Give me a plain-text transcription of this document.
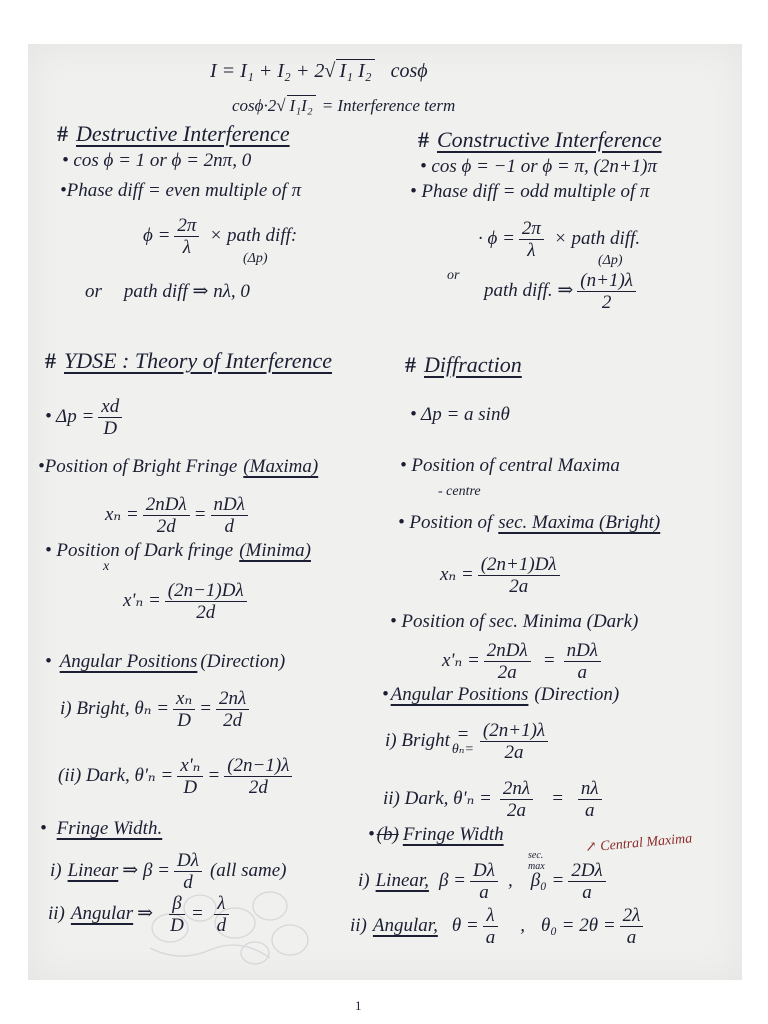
I = I₁ + I₂ + 2√ I₁ I₂ cosϕ
cosϕ·2√ I₁I₂ = Interference term
# Destructive Interference
• cos ϕ = 1 or ϕ = 2nπ, 0
•Phase diff = even multiple of π
$\phi = \frac{2\pi}{\lambda}$ × path diff:
(Δp)
or path diff ⇒ nλ, 0
# Constructive Interference
• cos ϕ = −1 or ϕ = π, (2n+1)π
• Phase diff = odd multiple of π
· $\phi = \frac{2\pi}{\lambda}$ × path diff.
(Δp)
or
path diff. ⇒ $\frac{(n+1)\lambda}{2}$
# YDSE : Theory of Interference
• $\Delta p = \frac{xd}{D}$
•Position of Bright Fringe (Maxima)
$x_n = \frac{\text{2nDλ}}{2d} = \frac{\text{nDλ}}{d}$
• Position of Dark fringe (Minima)
x
$x'_n = \frac{(2n-1)D\lambda}{2d}$
• Angular Positions (Direction)
i) Bright, $\theta_n = \frac{\text{xₙ}}{D} = \frac{2n\lambda}{2d}$
(ii) Dark, $\theta'_n = \frac{\text{x'ₙ}}{D} = \frac{(2n-1)\lambda}{2d}$
• Fringe Width.
i) Linear ⇒ $\beta = \frac{D\lambda}{d} (all$ same)
ii) Angular ⇒ $\frac{\beta}{D} = \frac{\lambda}{d}$
# Diffraction
• Δp = a sinθ
• Position of central Maxima
- centre
• Position of sec. Maxima (Bright)
$x_n = \frac{(2n+1)D\lambda}{2a}$
• Position of sec. Minima (Dark)
$x'_n = \frac{\text{2nDλ}}{2a} = \frac{\text{nDλ}}{a}$
• Angular Positions (Direction)
i) Bright =
$\theta_n= \frac{(2n+1)\lambda}{2a}$
ii) Dark, $\theta'_n = \frac{2n\lambda}{2a} = \frac{n\lambda}{a}$
• (b) Fringe Width	↗ Central Maxima
sec. max
i) Linear, $\beta = \frac{D\lambda}{a}$ , $\beta_0 = \frac{2D\lambda}{a}$
ii) Angular, $\theta = \frac{\lambda}{a}$ , $\theta_0 = 2\theta = \frac{2\lambda}{a}$
1
